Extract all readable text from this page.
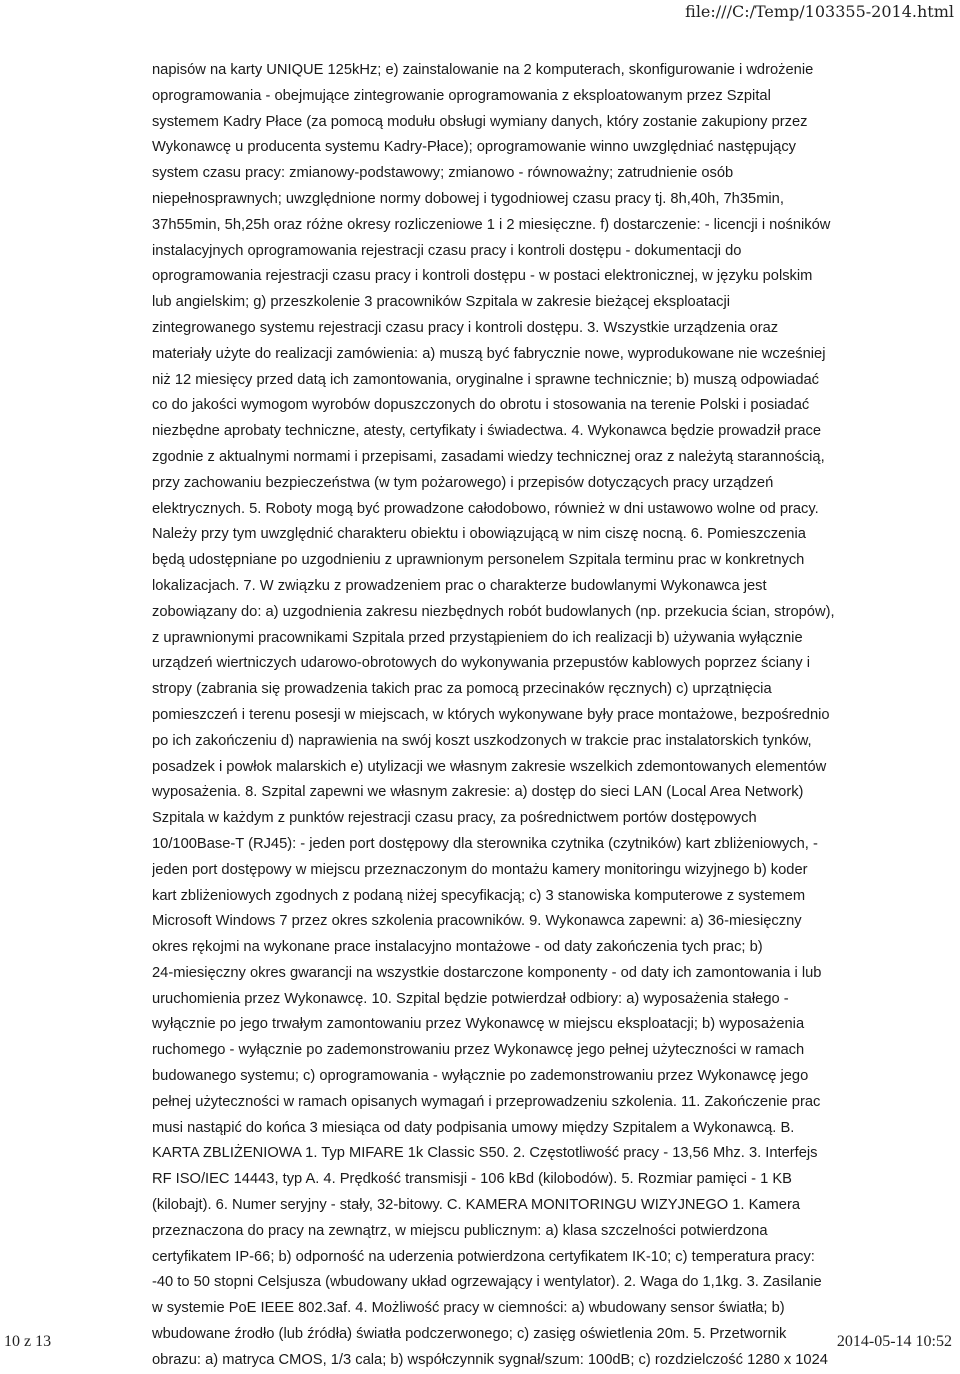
file:///C:/Temp/103355-2014.html
napisów na karty UNIQUE 125kHz; e) zainstalowanie na 2 komputerach, skonfigurowanie i wdrożenie
oprogramowania - obejmujące zintegrowanie oprogramowania z eksploatowanym przez Szpital
systemem Kadry Płace (za pomocą modułu obsługi wymiany danych, który zostanie zakupiony przez
Wykonawcę u producenta systemu Kadry-Płace); oprogramowanie winno uwzględniać następujący
system czasu pracy: zmianowy-podstawowy; zmianowo - równoważny; zatrudnienie osób
niepełnosprawnych; uwzględnione normy dobowej i tygodniowej czasu pracy tj. 8h,40h, 7h35min,
37h55min, 5h,25h oraz różne okresy rozliczeniowe 1 i 2 miesięczne. f) dostarczenie: - licencji i nośników
instalacyjnych oprogramowania rejestracji czasu pracy i kontroli dostępu - dokumentacji do
oprogramowania rejestracji czasu pracy i kontroli dostępu - w postaci elektronicznej, w języku polskim
lub angielskim; g) przeszkolenie 3 pracowników Szpitala w zakresie bieżącej eksploatacji
zintegrowanego systemu rejestracji czasu pracy i kontroli dostępu. 3. Wszystkie urządzenia oraz
materiały użyte do realizacji zamówienia: a) muszą być fabrycznie nowe, wyprodukowane nie wcześniej
niż 12 miesięcy przed datą ich zamontowania, oryginalne i sprawne technicznie; b) muszą odpowiadać
co do jakości wymogom wyrobów dopuszczonych do obrotu i stosowania na terenie Polski i posiadać
niezbędne aprobaty techniczne, atesty, certyfikaty i świadectwa. 4. Wykonawca będzie prowadził prace
zgodnie z aktualnymi normami i przepisami, zasadami wiedzy technicznej oraz z należytą starannością,
przy zachowaniu bezpieczeństwa (w tym pożarowego) i przepisów dotyczących pracy urządzeń
elektrycznych. 5. Roboty mogą być prowadzone całodobowo, również w dni ustawowo wolne od pracy.
Należy przy tym uwzględnić charakteru obiektu i obowiązującą w nim ciszę nocną. 6. Pomieszczenia
będą udostępniane po uzgodnieniu z uprawnionym personelem Szpitala terminu prac w konkretnych
lokalizacjach. 7. W związku z prowadzeniem prac o charakterze budowlanymi Wykonawca jest
zobowiązany do: a) uzgodnienia zakresu niezbędnych robót budowlanych (np. przekucia ścian, stropów),
z uprawnionymi pracownikami Szpitala przed przystąpieniem do ich realizacji b) używania wyłącznie
urządzeń wiertniczych udarowo-obrotowych do wykonywania przepustów kablowych poprzez ściany i
stropy (zabrania się prowadzenia takich prac za pomocą przecinaków ręcznych) c) uprzątnięcia
pomieszczeń i terenu posesji w miejscach, w których wykonywane były prace montażowe, bezpośrednio
po ich zakończeniu d) naprawienia na swój koszt uszkodzonych w trakcie prac instalatorskich tynków,
posadzek i powłok malarskich e) utylizacji we własnym zakresie wszelkich zdemontowanych elementów
wyposażenia. 8. Szpital zapewni we własnym zakresie: a) dostęp do sieci LAN (Local Area Network)
Szpitala w każdym z punktów rejestracji czasu pracy, za pośrednictwem portów dostępowych
10/100Base-T (RJ45): - jeden port dostępowy dla sterownika czytnika (czytników) kart zbliżeniowych, -
jeden port dostępowy w miejscu przeznaczonym do montażu kamery monitoringu wizyjnego b) koder
kart zbliżeniowych zgodnych z podaną niżej specyfikacją; c) 3 stanowiska komputerowe z systemem
Microsoft Windows 7 przez okres szkolenia pracowników. 9. Wykonawca zapewni: a) 36-miesięczny
okres rękojmi na wykonane prace instalacyjno montażowe - od daty zakończenia tych prac; b)
24-miesięczny okres gwarancji na wszystkie dostarczone komponenty - od daty ich zamontowania i lub
uruchomienia przez Wykonawcę. 10. Szpital będzie potwierdzał odbiory: a) wyposażenia stałego -
wyłącznie po jego trwałym zamontowaniu przez Wykonawcę w miejscu eksploatacji; b) wyposażenia
ruchomego - wyłącznie po zademonstrowaniu przez Wykonawcę jego pełnej użyteczności w ramach
budowanego systemu; c) oprogramowania - wyłącznie po zademonstrowaniu przez Wykonawcę jego
pełnej użyteczności w ramach opisanych wymagań i przeprowadzeniu szkolenia. 11. Zakończenie prac
musi nastąpić do końca 3 miesiąca od daty podpisania umowy między Szpitalem a Wykonawcą. B.
KARTA ZBLIŻENIOWA 1. Typ MIFARE 1k Classic S50. 2. Częstotliwość pracy - 13,56 Mhz. 3. Interfejs
RF ISO/IEC 14443, typ A. 4. Prędkość transmisji - 106 kBd (kilobodów). 5. Rozmiar pamięci - 1 KB
(kilobajt). 6. Numer seryjny - stały, 32-bitowy. C. KAMERA MONITORINGU WIZYJNEGO 1. Kamera
przeznaczona do pracy na zewnątrz, w miejscu publicznym: a) klasa szczelności potwierdzona
certyfikatem IP-66; b) odporność na uderzenia potwierdzona certyfikatem IK-10; c) temperatura pracy:
-40 to 50 stopni Celsjusza (wbudowany układ ogrzewający i wentylator). 2. Waga do 1,1kg. 3. Zasilanie
w systemie PoE IEEE 802.3af. 4. Możliwość pracy w ciemności: a) wbudowany sensor światła; b)
wbudowane źrodło (lub źródła) światła podczerwonego; c) zasięg oświetlenia 20m. 5. Przetwornik
obrazu: a) matryca CMOS, 1/3 cala; b) współczynnik sygnał/szum: 100dB; c) rozdzielczość 1280 x 1024
10 z 13	2014-05-14 10:52
